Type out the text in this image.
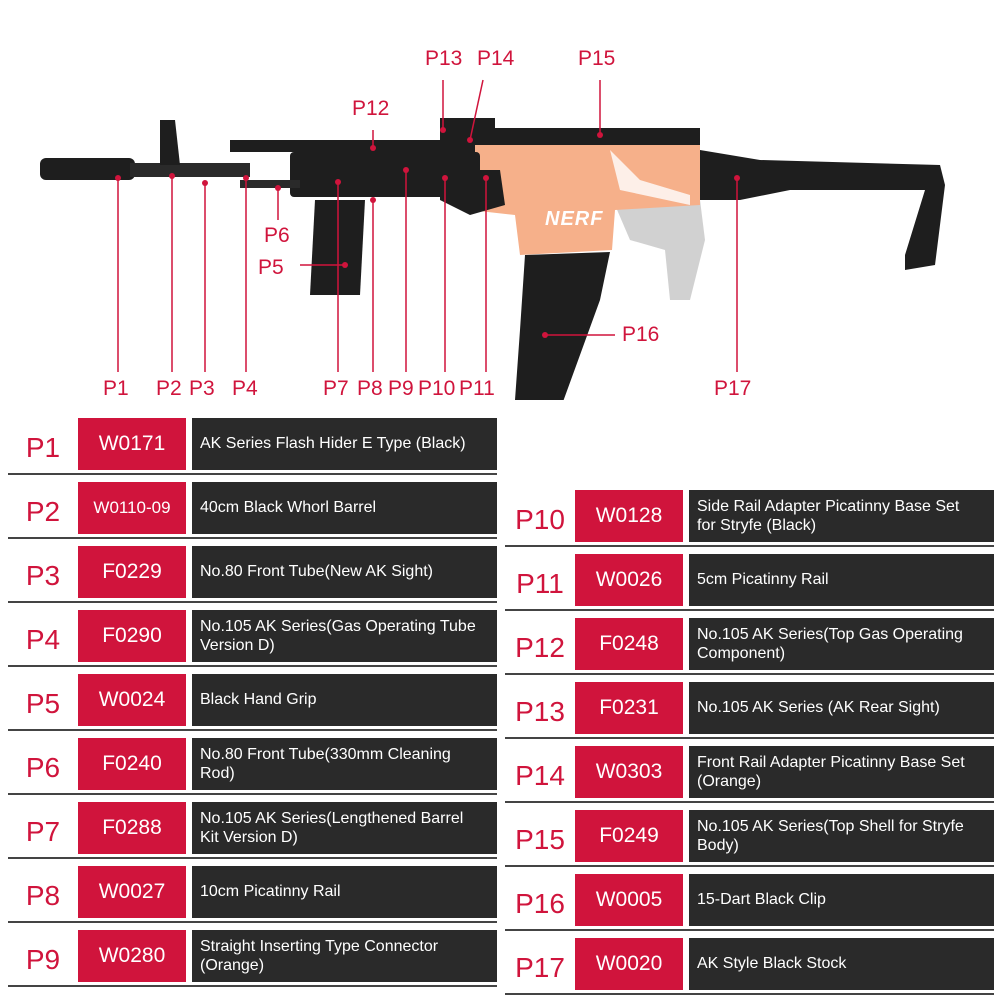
NERF
P13 P14	P15
P12
P6
P5
P16
P1 P2 P3 P4	P7 P8 P9 P10 P11	P17
P1	W0171	AK Series Flash Hider E Type (Black)
P2	W0110-09	40cm Black Whorl Barrel
P3	F0229	No.80 Front Tube(New AK Sight)
P4	F0290	No.105 AK Series(Gas Operating Tube
Version D)
P5	W0024	Black Hand Grip
P6	F0240	No.80 Front Tube(330mm Cleaning Rod)
P7	F0288	No.105 AK Series(Lengthened Barrel
Kit Version D)
P8	W0027	10cm Picatinny Rail
P9	W0280	Straight Inserting Type Connector
(Orange)
P10	W0128	Side Rail Adapter Picatinny Base Set
for Stryfe (Black)
P11	W0026	5cm Picatinny Rail
P12	F0248	No.105 AK Series(Top Gas Operating
Component)
P13	F0231	No.105 AK Series (AK Rear Sight)
P14	W0303	Front Rail Adapter Picatinny Base Set
(Orange)
P15	F0249	No.105 AK Series(Top Shell for Stryfe
Body)
P16	W0005	15-Dart Black Clip
P17	W0020	AK Style Black Stock
